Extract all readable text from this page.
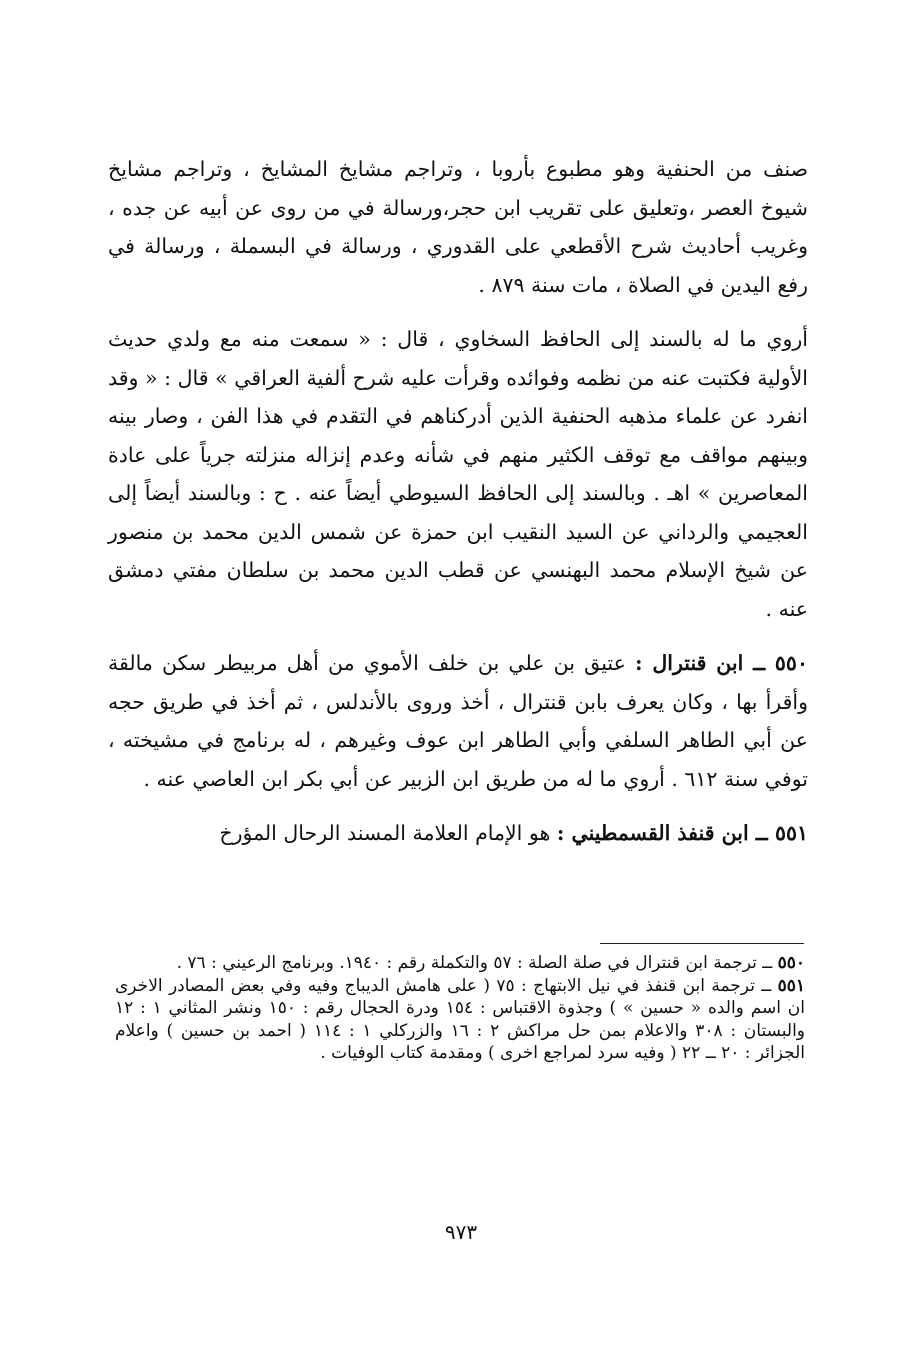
صنف من الحنفية وهو مطبوع بأروبا ، وتراجم مشايخ المشايخ ، وتراجم مشايخ شيوخ العصر ،وتعليق على تقريب ابن حجر،ورسالة في من روى عن أبيه عن جده ، وغريب أحاديث شرح الأقطعي على القدوري ، ورسالة في البسملة ، ورسالة في رفع اليدين في الصلاة ، مات سنة ٨٧٩ .

أروي ما له بالسند إلى الحافظ السخاوي ، قال : « سمعت منه مع ولدي حديث الأولية فكتبت عنه من نظمه وفوائده وقرأت عليه شرح ألفية العراقي » قال : « وقد انفرد عن علماء مذهبه الحنفية الذين أدركناهم في التقدم في هذا الفن ، وصار بينه وبينهم مواقف مع توقف الكثير منهم في شأنه وعدم إنزاله منزلته جرياً على عادة المعاصرين » اهـ . وبالسند إلى الحافظ السيوطي أيضاً عنه . ح : وبالسند أيضاً إلى العجيمي والرداني عن السيد النقيب ابن حمزة عن شمس الدين محمد بن منصور عن شيخ الإسلام محمد البهنسي عن قطب الدين محمد بن سلطان مفتي دمشق عنه .

٥٥٠ ــ ابن قنترال : عتيق بن علي بن خلف الأموي من أهل مربيطر سكن مالقة وأقرأ بها ، وكان يعرف بابن قنترال ، أخذ وروى بالأندلس ، ثم أخذ في طريق حجه عن أبي الطاهر السلفي وأبي الطاهر ابن عوف وغيرهم ، له برنامج في مشيخته ، توفي سنة ٦١٢ . أروي ما له من طريق ابن الزبير عن أبي بكر ابن العاصي عنه .

٥٥١ ــ ابن قنفذ القسمطيني : هو الإمام العلامة المسند الرحال المؤرخ

٥٥٠ ــ ترجمة ابن قنترال في صلة الصلة : ٥٧ والتكملة رقم : ١٩٤٠. وبرنامج الرعيني : ٧٦ .

٥٥١ ــ ترجمة ابن قنفذ في نيل الابتهاج : ٧٥ ( على هامش الديباج وفيه وفي بعض المصادر الاخرى ان اسم والده « حسين » ) وجذوة الاقتباس : ١٥٤ ودرة الحجال رقم : ١٥٠ ونشر المثاني ١ : ١٢ والبستان : ٣٠٨ والاعلام بمن حل مراكش ٢ : ١٦ والزركلي ١ : ١١٤ ( احمد بن حسين ) واعلام الجزائر : ٢٠ ــ ٢٢ ( وفيه سرد لمراجع اخرى ) ومقدمة كتاب الوفيات .

٩٧٣
